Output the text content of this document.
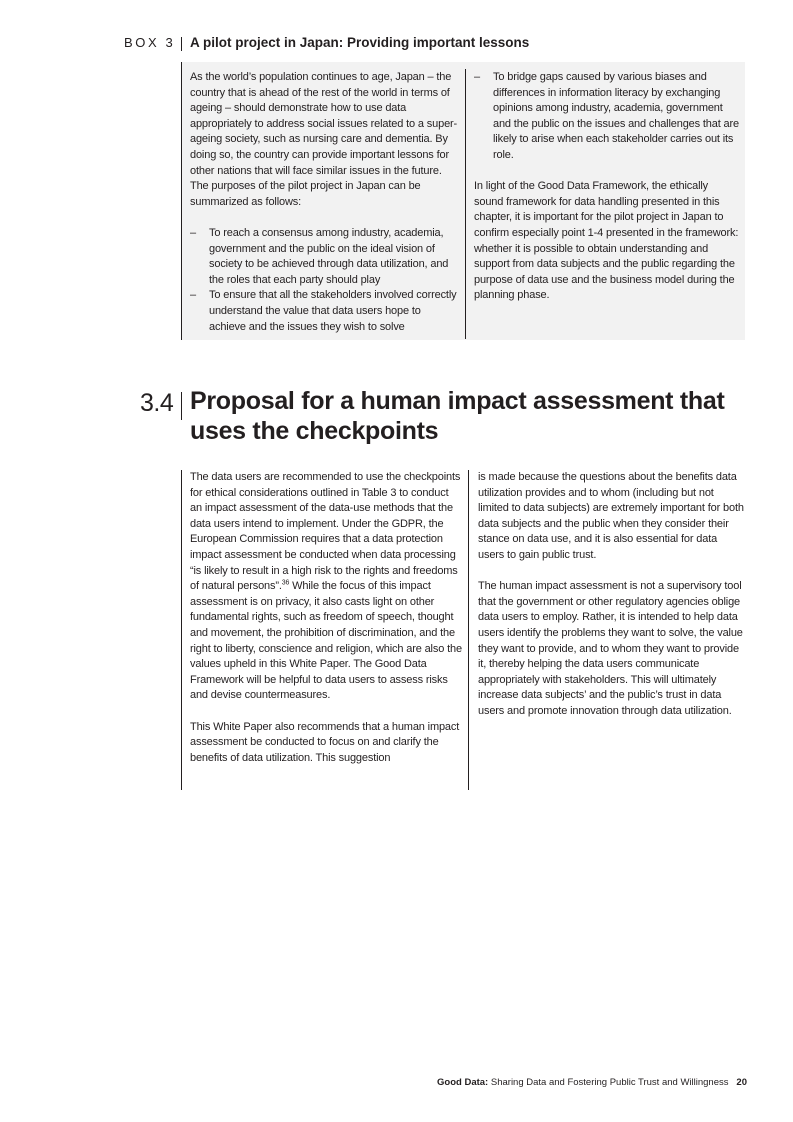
BOX 3 A pilot project in Japan: Providing important lessons

As the world’s population continues to age, Japan – the country that is ahead of the rest of the world in terms of ageing – should demonstrate how to use data appropriately to address social issues related to a super-ageing society, such as nursing care and dementia. By doing so, the country can provide important lessons for other nations that will face similar issues in the future. The purposes of the pilot project in Japan can be summarized as follows:

– To reach a consensus among industry, academia, government and the public on the ideal vision of society to be achieved through data utilization, and the roles that each party should play
– To ensure that all the stakeholders involved correctly understand the value that data users hope to achieve and the issues they wish to solve
– To bridge gaps caused by various biases and differences in information literacy by exchanging opinions among industry, academia, government and the public on the issues and challenges that are likely to arise when each stakeholder carries out its role.

In light of the Good Data Framework, the ethically sound framework for data handling presented in this chapter, it is important for the pilot project in Japan to confirm especially point 1-4 presented in the framework: whether it is possible to obtain understanding and support from data subjects and the public regarding the purpose of data use and the business model during the planning phase.

3.4 Proposal for a human impact assessment that uses the checkpoints

The data users are recommended to use the checkpoints for ethical considerations outlined in Table 3 to conduct an impact assessment of the data-use methods that the data users intend to implement. Under the GDPR, the European Commission requires that a data protection impact assessment be conducted when data processing “is likely to result in a high risk to the rights and freedoms of natural persons”.$^{36}$ While the focus of this impact assessment is on privacy, it also casts light on other fundamental rights, such as freedom of speech, thought and movement, the prohibition of discrimination, and the right to liberty, conscience and religion, which are also the values upheld in this White Paper. The Good Data Framework will be helpful to data users to assess risks and devise countermeasures.

This White Paper also recommends that a human impact assessment be conducted to focus on and clarify the benefits of data utilization. This suggestion

is made because the questions about the benefits data utilization provides and to whom (including but not limited to data subjects) are extremely important for both data subjects and the public when they consider their stance on data use, and it is also essential for data users to gain public trust.

The human impact assessment is not a supervisory tool that the government or other regulatory agencies oblige data users to employ. Rather, it is intended to help data users identify the problems they want to solve, the value they want to provide, and to whom they want to provide it, thereby helping the data users communicate appropriately with stakeholders. This will ultimately increase data subjects’ and the public’s trust in data users and promote innovation through data utilization.

Good Data: Sharing Data and Fostering Public Trust and Willingness 20
